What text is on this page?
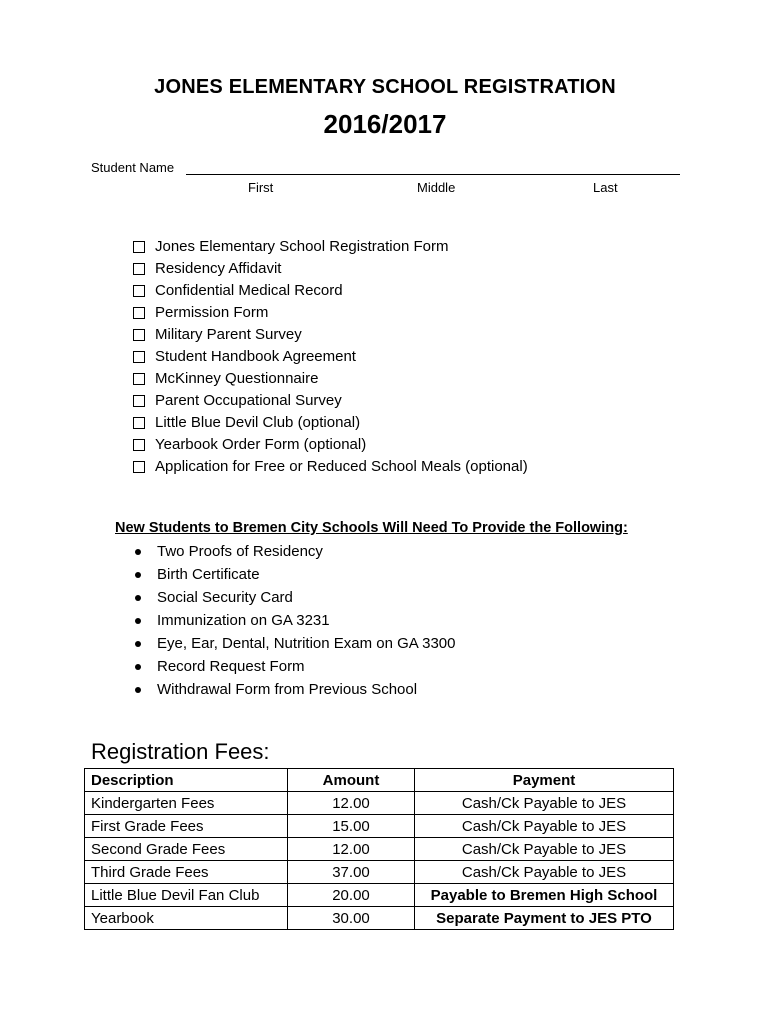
JONES ELEMENTARY SCHOOL REGISTRATION
2016/2017
Student Name
First	Middle	Last
Jones Elementary School Registration Form
Residency Affidavit
Confidential Medical Record
Permission Form
Military Parent Survey
Student Handbook Agreement
McKinney Questionnaire
Parent Occupational Survey
Little Blue Devil Club (optional)
Yearbook Order Form (optional)
Application for Free or Reduced School Meals (optional)
New Students to Bremen City Schools Will Need To Provide the Following:
Two Proofs of Residency
Birth Certificate
Social Security Card
Immunization on GA 3231
Eye, Ear, Dental, Nutrition Exam on GA 3300
Record Request Form
Withdrawal Form from Previous School
Registration Fees:
Description	Amount	Payment
Kindergarten Fees	12.00	Cash/Ck Payable to JES
First Grade Fees	15.00	Cash/Ck Payable to JES
Second Grade Fees	12.00	Cash/Ck Payable to JES
Third Grade Fees	37.00	Cash/Ck Payable to JES
Little Blue Devil Fan Club	20.00	Payable to Bremen High School
Yearbook	30.00	Separate Payment to JES PTO
